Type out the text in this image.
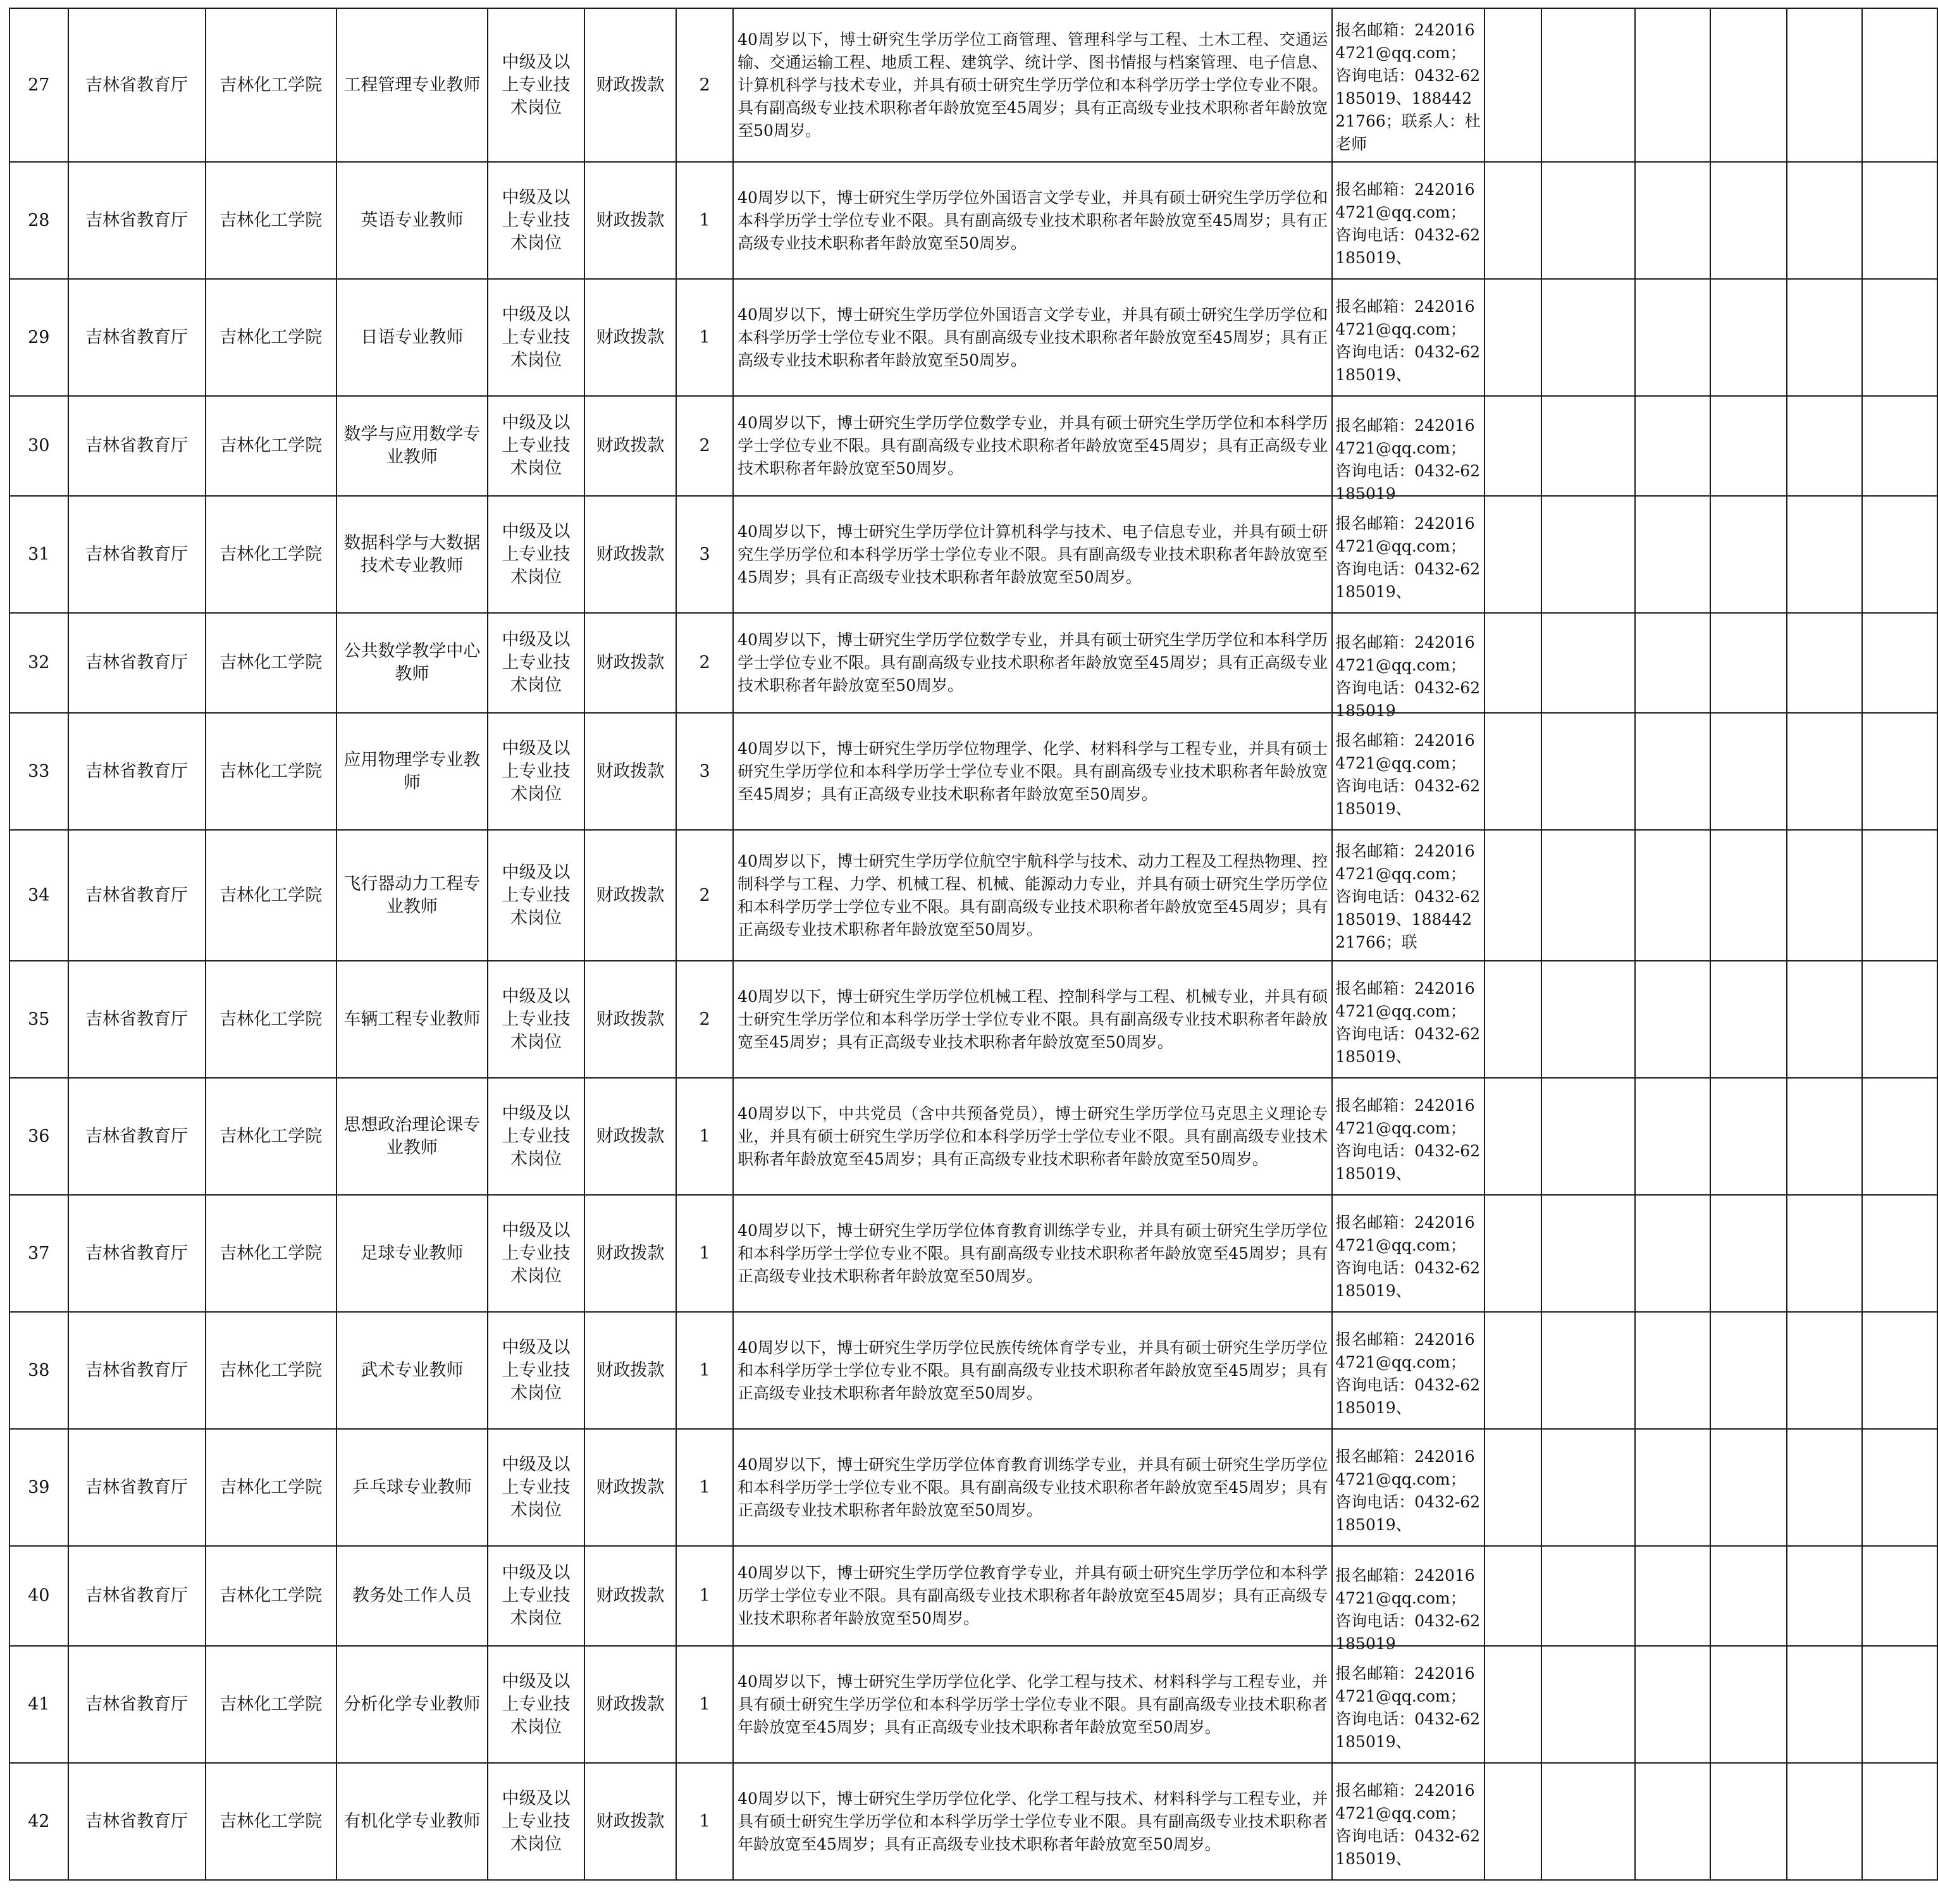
27	吉林省教育厅	吉林化工学院	工程管理专业教师	中级及以上专业技术岗位	财政拨款	2	40周岁以下，博士研究生学历学位工商管理、管理科学与工程、土木工程、交通运输、交通运输工程、地质工程、建筑学、统计学、图书情报与档案管理、电子信息、计算机科学与技术专业，并具有硕士研究生学历学位和本科学历学士学位专业不限。具有副高级专业技术职称者年龄放宽至45周岁；具有正高级专业技术职称者年龄放宽至50周岁。	报名邮箱：2420164721@qq.com；咨询电话：0432-62185019、18844221766；联系人：杜老师						

28	吉林省教育厅	吉林化工学院	英语专业教师	中级及以上专业技术岗位	财政拨款	1	40周岁以下，博士研究生学历学位外国语言文学专业，并具有硕士研究生学历学位和本科学历学士学位专业不限。具有副高级专业技术职称者年龄放宽至45周岁；具有正高级专业技术职称者年龄放宽至50周岁。	报名邮箱：2420164721@qq.com；咨询电话：0432-62185019、						

29	吉林省教育厅	吉林化工学院	日语专业教师	中级及以上专业技术岗位	财政拨款	1	40周岁以下，博士研究生学历学位外国语言文学专业，并具有硕士研究生学历学位和本科学历学士学位专业不限。具有副高级专业技术职称者年龄放宽至45周岁；具有正高级专业技术职称者年龄放宽至50周岁。	报名邮箱：2420164721@qq.com；咨询电话：0432-62185019、						

30	吉林省教育厅	吉林化工学院	数学与应用数学专业教师	中级及以上专业技术岗位	财政拨款	2	40周岁以下，博士研究生学历学位数学专业，并具有硕士研究生学历学位和本科学历学士学位专业不限。具有副高级专业技术职称者年龄放宽至45周岁；具有正高级专业技术职称者年龄放宽至50周岁。	报名邮箱：2420164721@qq.com；咨询电话：0432-62185019						

31	吉林省教育厅	吉林化工学院	数据科学与大数据技术专业教师	中级及以上专业技术岗位	财政拨款	3	40周岁以下，博士研究生学历学位计算机科学与技术、电子信息专业，并具有硕士研究生学历学位和本科学历学士学位专业不限。具有副高级专业技术职称者年龄放宽至45周岁；具有正高级专业技术职称者年龄放宽至50周岁。	报名邮箱：2420164721@qq.com；咨询电话：0432-62185019、						

32	吉林省教育厅	吉林化工学院	公共数学教学中心教师	中级及以上专业技术岗位	财政拨款	2	40周岁以下，博士研究生学历学位数学专业，并具有硕士研究生学历学位和本科学历学士学位专业不限。具有副高级专业技术职称者年龄放宽至45周岁；具有正高级专业技术职称者年龄放宽至50周岁。	报名邮箱：2420164721@qq.com；咨询电话：0432-62185019						

33	吉林省教育厅	吉林化工学院	应用物理学专业教师	中级及以上专业技术岗位	财政拨款	3	40周岁以下，博士研究生学历学位物理学、化学、材料科学与工程专业，并具有硕士研究生学历学位和本科学历学士学位专业不限。具有副高级专业技术职称者年龄放宽至45周岁；具有正高级专业技术职称者年龄放宽至50周岁。	报名邮箱：2420164721@qq.com；咨询电话：0432-62185019、						

34	吉林省教育厅	吉林化工学院	飞行器动力工程专业教师	中级及以上专业技术岗位	财政拨款	2	40周岁以下，博士研究生学历学位航空宇航科学与技术、动力工程及工程热物理、控制科学与工程、力学、机械工程、机械、能源动力专业，并具有硕士研究生学历学位和本科学历学士学位专业不限。具有副高级专业技术职称者年龄放宽至45周岁；具有正高级专业技术职称者年龄放宽至50周岁。	报名邮箱：2420164721@qq.com；咨询电话：0432-62185019、18844221766；联						

35	吉林省教育厅	吉林化工学院	车辆工程专业教师	中级及以上专业技术岗位	财政拨款	2	40周岁以下，博士研究生学历学位机械工程、控制科学与工程、机械专业，并具有硕士研究生学历学位和本科学历学士学位专业不限。具有副高级专业技术职称者年龄放宽至45周岁；具有正高级专业技术职称者年龄放宽至50周岁。	报名邮箱：2420164721@qq.com；咨询电话：0432-62185019、						

36	吉林省教育厅	吉林化工学院	思想政治理论课专业教师	中级及以上专业技术岗位	财政拨款	1	40周岁以下，中共党员（含中共预备党员），博士研究生学历学位马克思主义理论专业，并具有硕士研究生学历学位和本科学历学士学位专业不限。具有副高级专业技术职称者年龄放宽至45周岁；具有正高级专业技术职称者年龄放宽至50周岁。	报名邮箱：2420164721@qq.com；咨询电话：0432-62185019、						

37	吉林省教育厅	吉林化工学院	足球专业教师	中级及以上专业技术岗位	财政拨款	1	40周岁以下，博士研究生学历学位体育教育训练学专业，并具有硕士研究生学历学位和本科学历学士学位专业不限。具有副高级专业技术职称者年龄放宽至45周岁；具有正高级专业技术职称者年龄放宽至50周岁。	报名邮箱：2420164721@qq.com；咨询电话：0432-62185019、						

38	吉林省教育厅	吉林化工学院	武术专业教师	中级及以上专业技术岗位	财政拨款	1	40周岁以下，博士研究生学历学位民族传统体育学专业，并具有硕士研究生学历学位和本科学历学士学位专业不限。具有副高级专业技术职称者年龄放宽至45周岁；具有正高级专业技术职称者年龄放宽至50周岁。	报名邮箱：2420164721@qq.com；咨询电话：0432-62185019、						

39	吉林省教育厅	吉林化工学院	乒乓球专业教师	中级及以上专业技术岗位	财政拨款	1	40周岁以下，博士研究生学历学位体育教育训练学专业，并具有硕士研究生学历学位和本科学历学士学位专业不限。具有副高级专业技术职称者年龄放宽至45周岁；具有正高级专业技术职称者年龄放宽至50周岁。	报名邮箱：2420164721@qq.com；咨询电话：0432-62185019、						

40	吉林省教育厅	吉林化工学院	教务处工作人员	中级及以上专业技术岗位	财政拨款	1	40周岁以下，博士研究生学历学位教育学专业，并具有硕士研究生学历学位和本科学历学士学位专业不限。具有副高级专业技术职称者年龄放宽至45周岁；具有正高级专业技术职称者年龄放宽至50周岁。	报名邮箱：2420164721@qq.com；咨询电话：0432-62185019						

41	吉林省教育厅	吉林化工学院	分析化学专业教师	中级及以上专业技术岗位	财政拨款	1	40周岁以下，博士研究生学历学位化学、化学工程与技术、材料科学与工程专业，并具有硕士研究生学历学位和本科学历学士学位专业不限。具有副高级专业技术职称者年龄放宽至45周岁；具有正高级专业技术职称者年龄放宽至50周岁。	报名邮箱：2420164721@qq.com；咨询电话：0432-62185019、						

42	吉林省教育厅	吉林化工学院	有机化学专业教师	中级及以上专业技术岗位	财政拨款	1	40周岁以下，博士研究生学历学位化学、化学工程与技术、材料科学与工程专业，并具有硕士研究生学历学位和本科学历学士学位专业不限。具有副高级专业技术职称者年龄放宽至45周岁；具有正高级专业技术职称者年龄放宽至50周岁。	报名邮箱：2420164721@qq.com；咨询电话：0432-62185019、						
